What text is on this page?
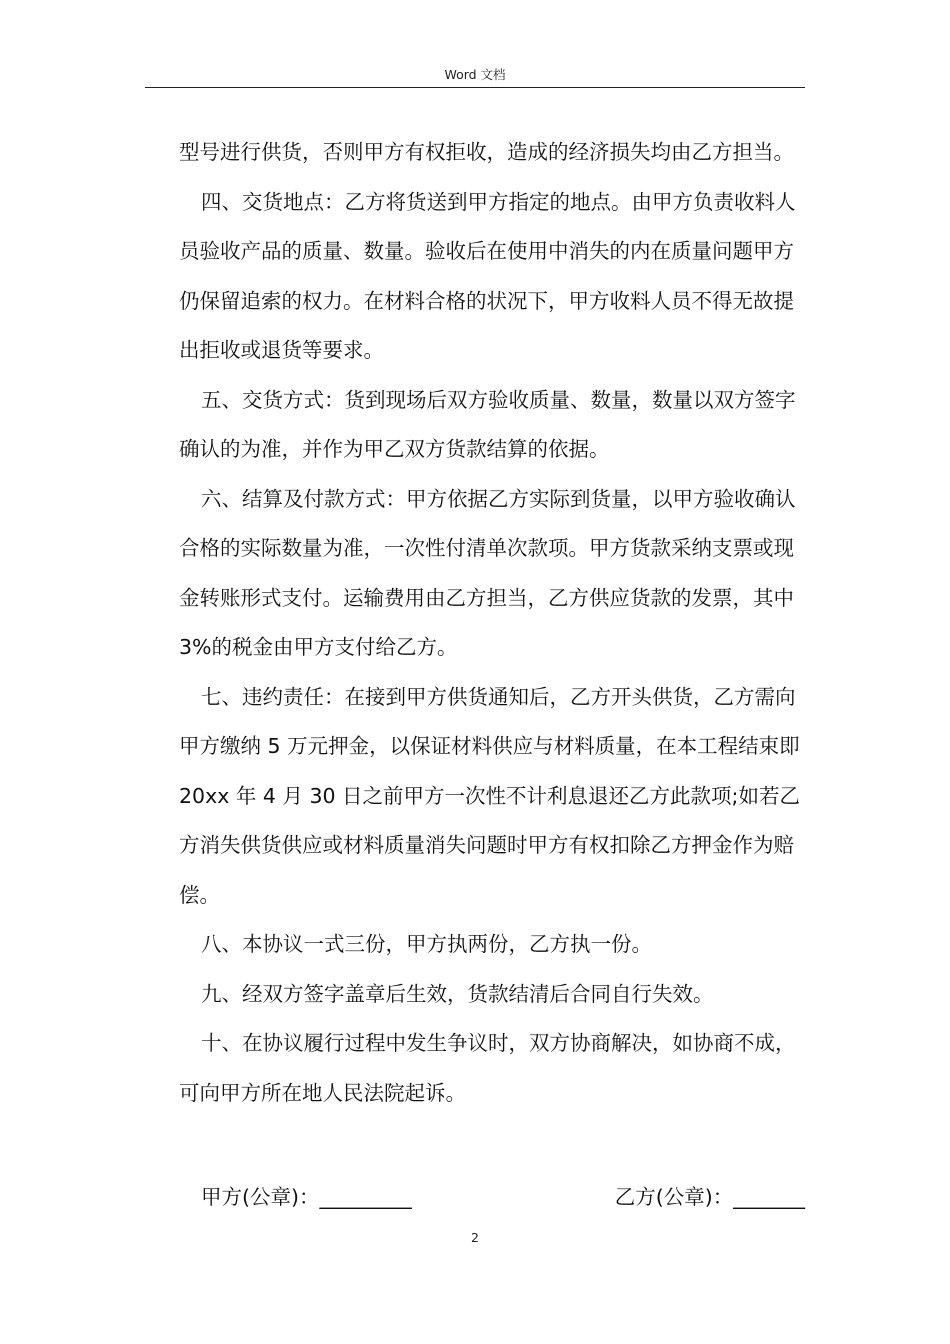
Word 文档

型号进行供货，否则甲方有权拒收，造成的经济损失均由乙方担当。

四、交货地点：乙方将货送到甲方指定的地点。由甲方负责收料人员验收产品的质量、数量。验收后在使用中消失的内在质量问题甲方仍保留追索的权力。在材料合格的状况下，甲方收料人员不得无故提出拒收或退货等要求。

五、交货方式：货到现场后双方验收质量、数量，数量以双方签字确认的为准，并作为甲乙双方货款结算的依据。

六、结算及付款方式：甲方依据乙方实际到货量，以甲方验收确认合格的实际数量为准，一次性付清单次款项。甲方货款采纳支票或现金转账形式支付。运输费用由乙方担当，乙方供应货款的发票，其中 3%的税金由甲方支付给乙方。

七、违约责任：在接到甲方供货通知后，乙方开头供货，乙方需向甲方缴纳 5 万元押金，以保证材料供应与材料质量，在本工程结束即 20xx 年 4 月 30 日之前甲方一次性不计利息退还乙方此款项;如若乙方消失供货供应或材料质量消失问题时甲方有权扣除乙方押金作为赔偿。

八、本协议一式三份，甲方执两份，乙方执一份。

九、经双方签字盖章后生效，货款结清后合同自行失效。

十、在协议履行过程中发生争议时，双方协商解决，如协商不成，可向甲方所在地人民法院起诉。

甲方(公章)：_________	乙方(公章)：_______
2
